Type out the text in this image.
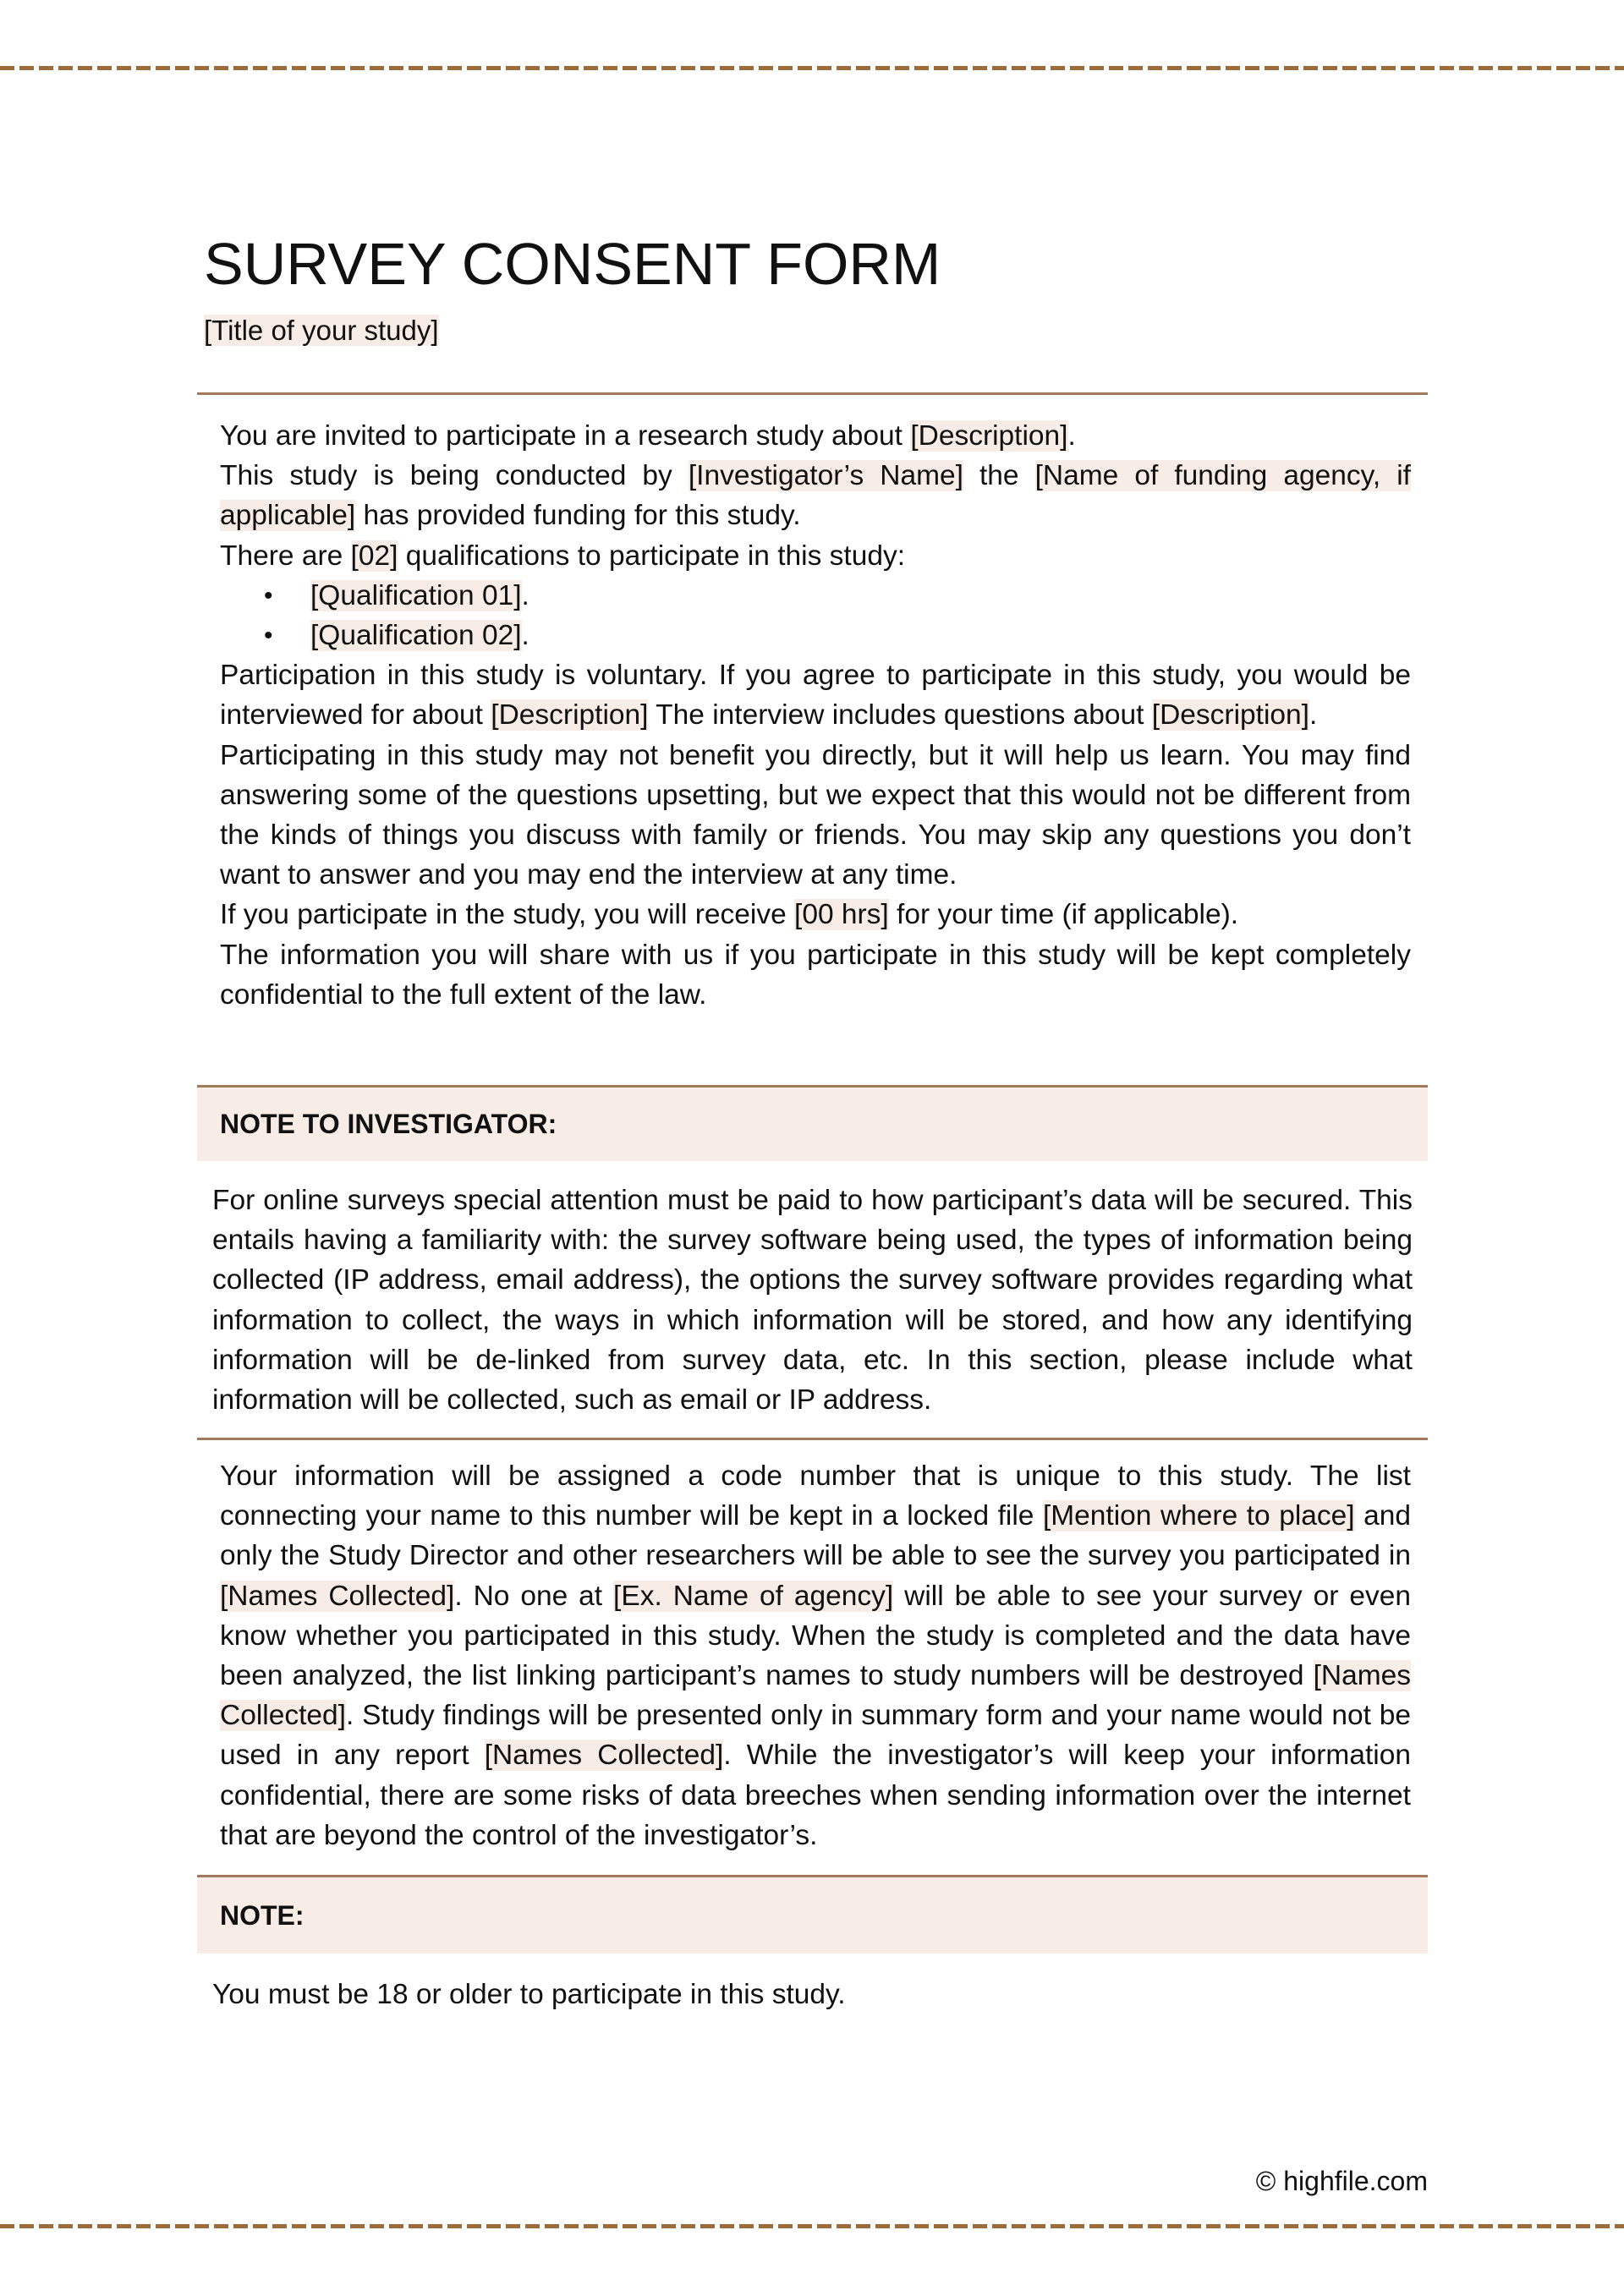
SURVEY CONSENT FORM
[Title of your study]

You are invited to participate in a research study about [Description].

This study is being conducted by [Investigator’s Name] the [Name of funding agency, if applicable] has provided funding for this study.

There are [02] qualifications to participate in this study:

• [Qualification 01].
• [Qualification 02].

Participation in this study is voluntary. If you agree to participate in this study, you would be interviewed for about [Description] The interview includes questions about [Description].

Participating in this study may not benefit you directly, but it will help us learn. You may find answering some of the questions upsetting, but we expect that this would not be different from the kinds of things you discuss with family or friends. You may skip any questions you don’t want to answer and you may end the interview at any time.

If you participate in the study, you will receive [00 hrs] for your time (if applicable).

The information you will share with us if you participate in this study will be kept completely confidential to the full extent of the law.

NOTE TO INVESTIGATOR:

For online surveys special attention must be paid to how participant’s data will be secured. This entails having a familiarity with: the survey software being used, the types of information being collected (IP address, email address), the options the survey software provides regarding what information to collect, the ways in which information will be stored, and how any identifying information will be de-linked from survey data, etc. In this section, please include what information will be collected, such as email or IP address.

Your information will be assigned a code number that is unique to this study. The list connecting your name to this number will be kept in a locked file [Mention where to place] and only the Study Director and other researchers will be able to see the survey you participated in [Names Collected]. No one at [Ex. Name of agency] will be able to see your survey or even know whether you participated in this study. When the study is completed and the data have been analyzed, the list linking participant’s names to study numbers will be destroyed [Names Collected]. Study findings will be presented only in summary form and your name would not be used in any report [Names Collected]. While the investigator’s will keep your information confidential, there are some risks of data breeches when sending information over the internet that are beyond the control of the investigator’s.

NOTE:

You must be 18 or older to participate in this study.

© highfile.com
